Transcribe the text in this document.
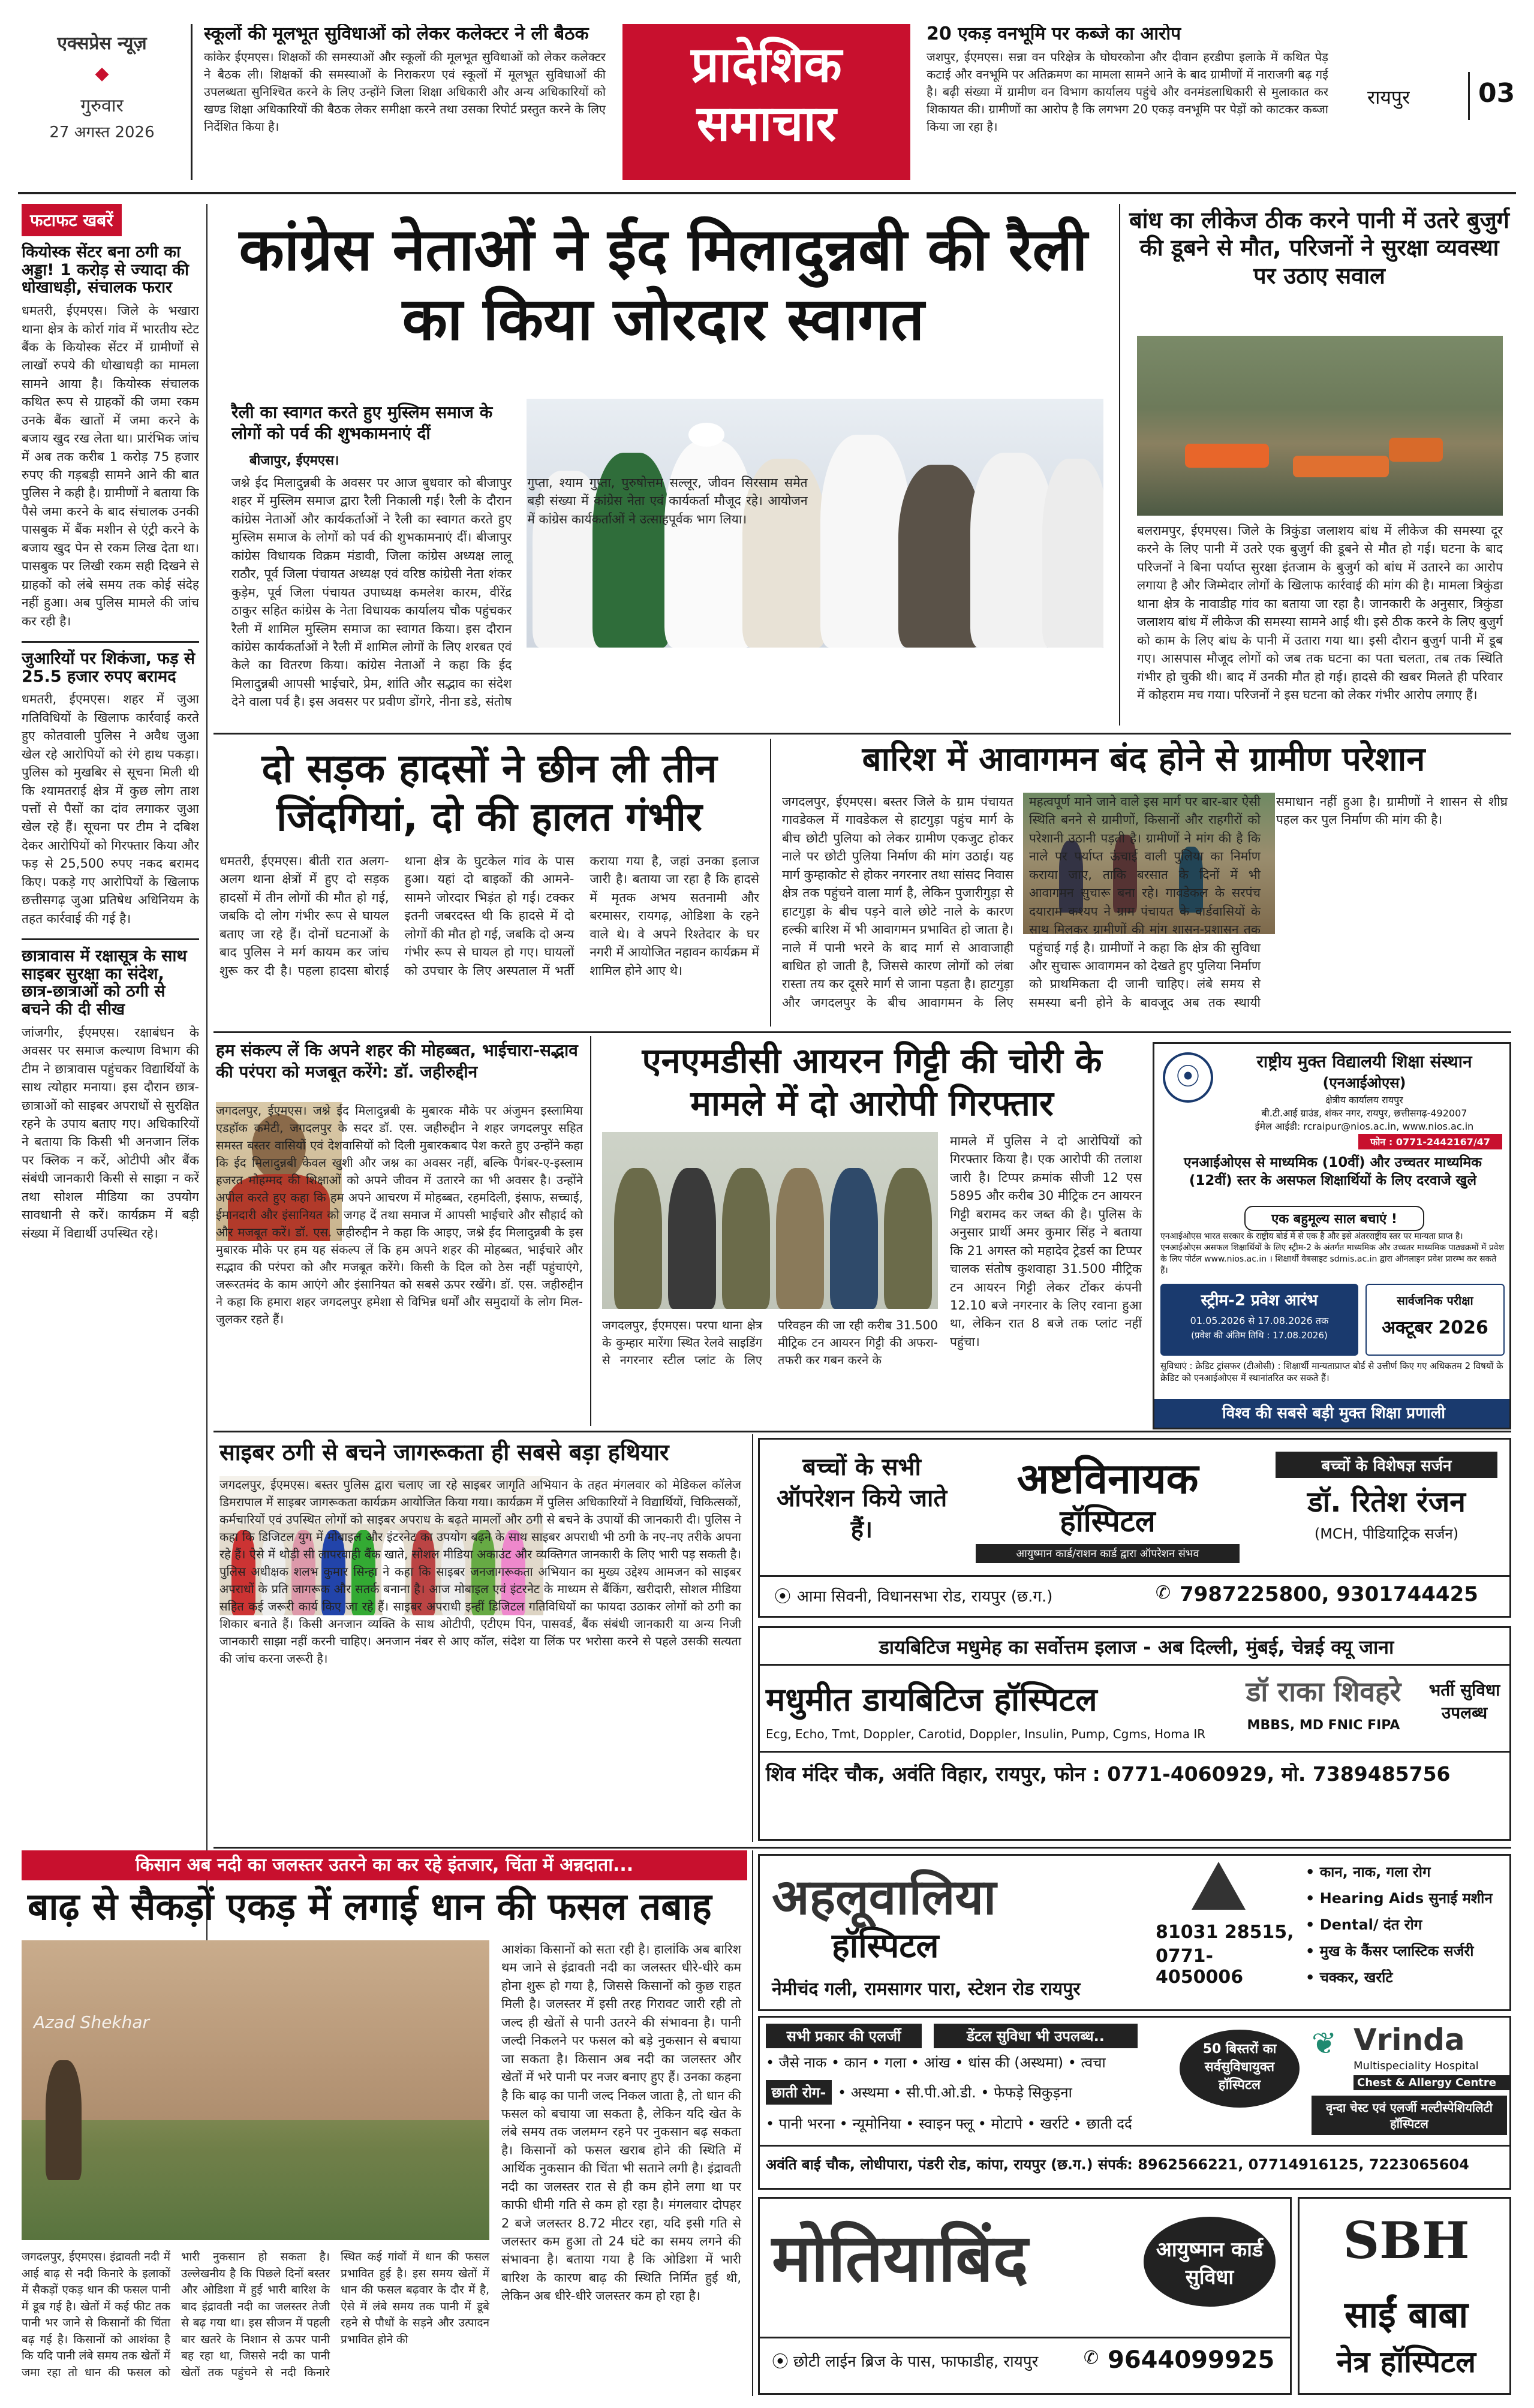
एक्सप्रेस न्यूज़
◆
गुरुवार
27 अगस्त 2026
स्कूलों की मूलभूत सुविधाओं को लेकर कलेक्टर ने ली बैठक
कांकेर ईएमएस। शिक्षकों की समस्याओं और स्कूलों की मूलभूत सुविधाओं को लेकर कलेक्टर ने बैठक ली। शिक्षकों की समस्याओं के निराकरण एवं स्कूलों में मूलभूत सुविधाओं की उपलब्धता सुनिश्चित करने के लिए उन्होंने जिला शिक्षा अधिकारी और अन्य अधिकारियों को खण्ड शिक्षा अधिकारियों की बैठक लेकर समीक्षा करने तथा उसका रिपोर्ट प्रस्तुत करने के लिए निर्देशित किया है।
प्रादेशिक
समाचार
20 एकड़ वनभूमि पर कब्जे का आरोप
जशपुर, ईएमएस। सन्ना वन परिक्षेत्र के घोघरकोना और दीवान हरडीपा इलाके में कथित पेड़ कटाई और वनभूमि पर अतिक्रमण का मामला सामने आने के बाद ग्रामीणों में नाराजगी बढ़ गई है। बढ़ी संख्या में ग्रामीण वन विभाग कार्यालय पहुंचे और वनमंडलाधिकारी से मुलाकात कर शिकायत की। ग्रामीणों का आरोप है कि लगभग 20 एकड़ वनभूमि पर पेड़ों को काटकर कब्जा किया जा रहा है।
रायपुर	03
फटाफट खबरें
कियोस्क सेंटर बना ठगी का अड्डा! 1 करोड़ से ज्यादा की धोखाधड़ी, संचालक फरार
धमतरी, ईएमएस। जिले के भखारा थाना क्षेत्र के कोर्रा गांव में भारतीय स्टेट बैंक के कियोस्क सेंटर में ग्रामीणों से लाखों रुपये की धोखाधड़ी का मामला सामने आया है। कियोस्क संचालक कथित रूप से ग्राहकों की जमा रकम उनके बैंक खातों में जमा करने के बजाय खुद रख लेता था। प्रारंभिक जांच में अब तक करीब 1 करोड़ 75 हजार रुपए की गड़बड़ी सामने आने की बात पुलिस ने कही है। ग्रामीणों ने बताया कि पैसे जमा करने के बाद संचालक उनकी पासबुक में बैंक मशीन से एंट्री करने के बजाय खुद पेन से रकम लिख देता था। पासबुक पर लिखी रकम सही दिखने से ग्राहकों को लंबे समय तक कोई संदेह नहीं हुआ। अब पुलिस मामले की जांच कर रही है।
जुआरियों पर शिकंजा, फड़ से 25.5 हजार रुपए बरामद
धमतरी, ईएमएस। शहर में जुआ गतिविधियों के खिलाफ कार्रवाई करते हुए कोतवाली पुलिस ने अवैध जुआ खेल रहे आरोपियों को रंगे हाथ पकड़ा। पुलिस को मुखबिर से सूचना मिली थी कि श्यामतराई क्षेत्र में कुछ लोग ताश पत्तों से पैसों का दांव लगाकर जुआ खेल रहे हैं। सूचना पर टीम ने दबिश देकर आरोपियों को गिरफ्तार किया और फड़ से 25,500 रुपए नकद बरामद किए। पकड़े गए आरोपियों के खिलाफ छत्तीसगढ़ जुआ प्रतिषेध अधिनियम के तहत कार्रवाई की गई है।
छात्रावास में रक्षासूत्र के साथ साइबर सुरक्षा का संदेश, छात्र-छात्राओं को ठगी से बचने की दी सीख
जांजगीर, ईएमएस। रक्षाबंधन के अवसर पर समाज कल्याण विभाग की टीम ने छात्रावास पहुंचकर विद्यार्थियों के साथ त्योहार मनाया। इस दौरान छात्र-छात्राओं को साइबर अपराधों से सुरक्षित रहने के उपाय बताए गए। अधिकारियों ने बताया कि किसी भी अनजान लिंक पर क्लिक न करें, ओटीपी और बैंक संबंधी जानकारी किसी से साझा न करें तथा सोशल मीडिया का उपयोग सावधानी से करें। कार्यक्रम में बड़ी संख्या में विद्यार्थी उपस्थित रहे।
कांग्रेस नेताओं ने ईद मिलादुन्नबी की रैली का किया जोरदार स्वागत
रैली का स्वागत करते हुए मुस्लिम समाज के लोगों को पर्व की शुभकामनाएं दीं
बीजापुर, ईएमएस।
जश्ने ईद मिलादुन्नबी के अवसर पर आज बुधवार को बीजापुर शहर में मुस्लिम समाज द्वारा रैली निकाली गई। रैली के दौरान कांग्रेस नेताओं और कार्यकर्ताओं ने रैली का स्वागत करते हुए मुस्लिम समाज के लोगों को पर्व की शुभकामनाएं दीं। बीजापुर कांग्रेस विधायक विक्रम मंडावी, जिला कांग्रेस अध्यक्ष लालू राठौर, पूर्व जिला पंचायत अध्यक्ष एवं वरिष्ठ कांग्रेसी नेता शंकर कुड़ेम, पूर्व जिला पंचायत उपाध्यक्ष कमलेश कारम, वीरेंद्र ठाकुर सहित कांग्रेस के नेता विधायक कार्यालय चौक पहुंचकर रैली में शामिल मुस्लिम समाज का स्वागत किया। इस दौरान कांग्रेस कार्यकर्ताओं ने रैली में शामिल लोगों के लिए शरबत एवं केले का वितरण किया। कांग्रेस नेताओं ने कहा कि ईद मिलादुन्नबी आपसी भाईचारे, प्रेम, शांति और सद्भाव का संदेश देने वाला पर्व है। इस अवसर पर प्रवीण डोंगरे, नीना डडे, संतोष गुप्ता, श्याम गुप्ता, पुरुषोत्तम सल्लूर, जीवन सिरसाम समेत बड़ी संख्या में कांग्रेस नेता एवं कार्यकर्ता मौजूद रहे। आयोजन में कांग्रेस कार्यकर्ताओं ने उत्साहपूर्वक भाग लिया।
बांध का लीकेज ठीक करने पानी में उतरे बुजुर्ग की डूबने से मौत, परिजनों ने सुरक्षा व्यवस्था पर उठाए सवाल
बलरामपुर, ईएमएस। जिले के त्रिकुंडा जलाशय बांध में लीकेज की समस्या दूर करने के लिए पानी में उतरे एक बुजुर्ग की डूबने से मौत हो गई। घटना के बाद परिजनों ने बिना पर्याप्त सुरक्षा इंतजाम के बुजुर्ग को बांध में उतारने का आरोप लगाया है और जिम्मेदार लोगों के खिलाफ कार्रवाई की मांग की है। मामला त्रिकुंडा थाना क्षेत्र के नावाडीह गांव का बताया जा रहा है। जानकारी के अनुसार, त्रिकुंडा जलाशय बांध में लीकेज की समस्या सामने आई थी। इसे ठीक करने के लिए बुजुर्ग को काम के लिए बांध के पानी में उतारा गया था। इसी दौरान बुजुर्ग पानी में डूब गए। आसपास मौजूद लोगों को जब तक घटना का पता चलता, तब तक स्थिति गंभीर हो चुकी थी। बाद में उनकी मौत हो गई। हादसे की खबर मिलते ही परिवार में कोहराम मच गया। परिजनों ने इस घटना को लेकर गंभीर आरोप लगाए हैं।
दो सड़क हादसों ने छीन ली तीन जिंदगियां, दो की हालत गंभीर
धमतरी, ईएमएस। बीती रात अलग-अलग थाना क्षेत्रों में हुए दो सड़क हादसों में तीन लोगों की मौत हो गई, जबकि दो लोग गंभीर रूप से घायल बताए जा रहे हैं। दोनों घटनाओं के बाद पुलिस ने मर्ग कायम कर जांच शुरू कर दी है। पहला हादसा बोराई थाना क्षेत्र के घुटकेल गांव के पास हुआ। यहां दो बाइकों की आमने-सामने जोरदार भिड़ंत हो गई। टक्कर इतनी जबरदस्त थी कि हादसे में दो लोगों की मौत हो गई, जबकि दो अन्य गंभीर रूप से घायल हो गए। घायलों को उपचार के लिए अस्पताल में भर्ती कराया गया है, जहां उनका इलाज जारी है। बताया जा रहा है कि हादसे में मृतक अभय सतनामी और बरमासर, रायगढ़, ओडिशा के रहने वाले थे। वे अपने रिश्तेदार के घर नगरी में आयोजित नहावन कार्यक्रम में शामिल होने आए थे।
बारिश में आवागमन बंद होने से ग्रामीण परेशान
जगदलपुर, ईएमएस। बस्तर जिले के ग्राम पंचायत गावडेकल में गावडेकल से हाटगुड़ा पहुंच मार्ग के बीच छोटी पुलिया को लेकर ग्रामीण एकजुट होकर नाले पर छोटी पुलिया निर्माण की मांग उठाई। यह मार्ग कुम्हाकोट से होकर नगरनार तथा सांसद निवास क्षेत्र तक पहुंचने वाला मार्ग है, लेकिन पुजारीगुड़ा से हाटगुड़ा के बीच पड़ने वाले छोटे नाले के कारण हल्की बारिश में भी आवागमन प्रभावित हो जाता है। नाले में पानी भरने के बाद मार्ग से आवाजाही बाधित हो जाती है, जिससे कारण लोगों को लंबा रास्ता तय कर दूसरे मार्ग से जाना पड़ता है। हाटगुड़ा और जगदलपुर के बीच आवागमन के लिए महत्वपूर्ण माने जाने वाले इस मार्ग पर बार-बार ऐसी स्थिति बनने से ग्रामीणों, किसानों और राहगीरों को परेशानी उठानी पड़ती है। ग्रामीणों ने मांग की है कि नाले पर पर्याप्त ऊंचाई वाली पुलिया का निर्माण कराया जाए, ताकि बरसात के दिनों में भी आवागमन सुचारू बना रहे। गावडेकल के सरपंच दयाराम कश्यप ने ग्राम पंचायत के वार्डवासियों के साथ मिलकर ग्रामीणों की मांग शासन-प्रशासन तक पहुंचाई गई है। ग्रामीणों ने कहा कि क्षेत्र की सुविधा और सुचारू आवागमन को देखते हुए पुलिया निर्माण को प्राथमिकता दी जानी चाहिए। लंबे समय से समस्या बनी होने के बावजूद अब तक स्थायी समाधान नहीं हुआ है। ग्रामीणों ने शासन से शीघ्र पहल कर पुल निर्माण की मांग की है।
हम संकल्प लें कि अपने शहर की मोहब्बत, भाईचारा-सद्भाव की परंपरा को मजबूत करेंगे: डॉ. जहीरुद्दीन
जगदलपुर, ईएमएस। जश्ने ईद मिलादुन्नबी के मुबारक मौके पर अंजुमन इस्लामिया एडहॉक कमेटी, जगदलपुर के सदर डॉ. एस. जहीरुद्दीन ने शहर जगदलपुर सहित समस्त बस्तर वासियों एवं देशवासियों को दिली मुबारकबाद पेश करते हुए उन्होंने कहा कि ईद मिलादुन्नबी केवल खुशी और जश्न का अवसर नहीं, बल्कि पैगंबर-ए-इस्लाम हजरत मोहम्मद की शिक्षाओं को अपने जीवन में उतारने का भी अवसर है। उन्होंने अपील करते हुए कहा कि हम अपने आचरण में मोहब्बत, रहमदिली, इंसाफ, सच्चाई, ईमानदारी और इंसानियत को जगह दें तथा समाज में आपसी भाईचारे और सौहार्द को और मजबूत करें। डॉ. एस. जहीरुद्दीन ने कहा कि आइए, जश्ने ईद मिलादुन्नबी के इस मुबारक मौके पर हम यह संकल्प लें कि हम अपने शहर की मोहब्बत, भाईचारे और सद्भाव की परंपरा को और मजबूत करेंगे। किसी के दिल को ठेस नहीं पहुंचाएंगे, जरूरतमंद के काम आएंगे और इंसानियत को सबसे ऊपर रखेंगे। डॉ. एस. जहीरुद्दीन ने कहा कि हमारा शहर जगदलपुर हमेशा से विभिन्न धर्मों और समुदायों के लोग मिल-जुलकर रहते हैं।
एनएमडीसी आयरन गिट्टी की चोरी के मामले में दो आरोपी गिरफ्तार
जगदलपुर, ईएमएस। परपा थाना क्षेत्र के कुम्हार मारेंगा स्थित रेलवे साइडिंग से नगरनार स्टील प्लांट के लिए परिवहन की जा रही करीब 31.500 मीट्रिक टन आयरन गिट्टी की अफरा-तफरी कर गबन करने के
मामले में पुलिस ने दो आरोपियों को गिरफ्तार किया है। एक आरोपी की तलाश जारी है। टिप्पर क्रमांक सीजी 12 एस 5895 और करीब 30 मीट्रिक टन आयरन गिट्टी बरामद कर जब्त की है। पुलिस के अनुसार प्रार्थी अमर कुमार सिंह ने बताया कि 21 अगस्त को महादेव ट्रेडर्स का टिप्पर चालक संतोष कुशवाहा 31.500 मीट्रिक टन आयरन गिट्टी लेकर टोंकर कंपनी 12.10 बजे नगरनार के लिए रवाना हुआ था, लेकिन रात 8 बजे तक प्लांट नहीं पहुंचा।
⦿
राष्ट्रीय मुक्त विद्यालयी शिक्षा संस्थान
(एनआईओएस)
क्षेत्रीय कार्यालय रायपुर
बी.टी.आई ग्राउंड, शंकर नगर, रायपुर, छत्तीसगढ़-492007
ईमेल आईडी: rcraipur@nios.ac.in, www.nios.ac.in
फोन : 0771-2442167/47
एनआईओएस से माध्यमिक (10वीं) और उच्चतर माध्यमिक (12वीं) स्तर के असफल शिक्षार्थियों के लिए दरवाजे खुले
एक बहुमूल्य साल बचाएं !
एनआईओएस भारत सरकार के राष्ट्रीय बोर्ड में से एक है और इसे अंतरराष्ट्रीय स्तर पर मान्यता प्राप्त है। एनआईओएस असफल शिक्षार्थियों के लिए स्ट्रीम-2 के अंतर्गत माध्यमिक और उच्चतर माध्यमिक पाठ्यक्रमों में प्रवेश के लिए पोर्टल www.nios.ac.in । शिक्षार्थी वेबसाइट sdmis.ac.in द्वारा ऑनलाइन प्रवेश प्रारम्भ कर सकते हैं।
स्ट्रीम-2 प्रवेश आरंभ
01.05.2026 से 17.08.2026 तक
(प्रवेश की अंतिम तिथि : 17.08.2026)
सार्वजनिक परीक्षा
अक्टूबर 2026
सुविधाएं : क्रेडिट ट्रांसफर (टीओसी) : शिक्षार्थी मान्यताप्राप्त बोर्ड से उत्तीर्ण किए गए अधिकतम 2 विषयों के क्रेडिट को एनआईओएस में स्थानांतरित कर सकते हैं।
विश्व की सबसे बड़ी मुक्त शिक्षा प्रणाली
साइबर ठगी से बचने जागरूकता ही सबसे बड़ा हथियार
जगदलपुर, ईएमएस। बस्तर पुलिस द्वारा चलाए जा रहे साइबर जागृति अभियान के तहत मंगलवार को मेडिकल कॉलेज डिमरापाल में साइबर जागरूकता कार्यक्रम आयोजित किया गया। कार्यक्रम में पुलिस अधिकारियों ने विद्यार्थियों, चिकित्सकों, कर्मचारियों एवं उपस्थित लोगों को साइबर अपराध के बढ़ते मामलों और ठगी से बचने के उपायों की जानकारी दी। पुलिस ने कहा कि डिजिटल युग में मोबाइल और इंटरनेट का उपयोग बढ़ने के साथ साइबर अपराधी भी ठगी के नए-नए तरीके अपना रहे हैं। ऐसे में थोड़ी सी लापरवाही बैंक खाते, सोशल मीडिया अकाउंट और व्यक्तिगत जानकारी के लिए भारी पड़ सकती है। पुलिस अधीक्षक शलभ कुमार सिन्हा ने कहा कि साइबर जनजागरूकता अभियान का मुख्य उद्देश्य आमजन को साइबर अपराधों के प्रति जागरूक और सतर्क बनाना है। आज मोबाइल एवं इंटरनेट के माध्यम से बैंकिंग, खरीदारी, सोशल मीडिया सहित कई जरूरी कार्य किए जा रहे हैं। साइबर अपराधी इन्हीं डिजिटल गतिविधियों का फायदा उठाकर लोगों को ठगी का शिकार बनाते हैं। किसी अनजान व्यक्ति के साथ ओटीपी, एटीएम पिन, पासवर्ड, बैंक संबंधी जानकारी या अन्य निजी जानकारी साझा नहीं करनी चाहिए। अनजान नंबर से आए कॉल, संदेश या लिंक पर भरोसा करने से पहले उसकी सत्यता की जांच करना जरूरी है।
बच्चों के सभी ऑपरेशन किये जाते हैं।
अष्टविनायक
हॉस्पिटल
आयुष्मान कार्ड/राशन कार्ड द्वारा ऑपरेशन संभव
बच्चों के विशेषज्ञ सर्जन
डॉ. रितेश रंजन
(MCH, पीडियाट्रिक सर्जन)
⦿ आमा सिवनी, विधानसभा रोड, रायपुर (छ.ग.)	✆ 7987225800, 9301744425
डायबिटिज मधुमेह का सर्वोत्तम इलाज - अब दिल्ली, मुंबई, चेन्नई क्यू जाना
मधुमीत डायबिटिज हॉस्पिटल
Ecg, Echo, Tmt, Doppler, Carotid, Doppler, Insulin, Pump, Cgms, Homa IR
डॉ राका शिवहरे
MBBS, MD FNIC FIPA
भर्ती सुविधा उपलब्ध
शिव मंदिर चौक, अवंति विहार, रायपुर, फोन : 0771-4060929, मो. 7389485756
किसान अब नदी का जलस्तर उतरने का कर रहे इंतजार, चिंता में अन्नदाता...
बाढ़ से सैकड़ों एकड़ में लगाई धान की फसल तबाह
Azad Shekhar
आशंका किसानों को सता रही है। हालांकि अब बारिश थम जाने से इंद्रावती नदी का जलस्तर धीरे-धीरे कम होना शुरू हो गया है, जिससे किसानों को कुछ राहत मिली है। जलस्तर में इसी तरह गिरावट जारी रही तो जल्द ही खेतों से पानी उतरने की संभावना है। पानी जल्दी निकलने पर फसल को बड़े नुकसान से बचाया जा सकता है। किसान अब नदी का जलस्तर और खेतों में भरे पानी पर नजर बनाए हुए हैं। उनका कहना है कि बाढ़ का पानी जल्द निकल जाता है, तो धान की फसल को बचाया जा सकता है, लेकिन यदि खेत के लंबे समय तक जलमग्न रहने पर नुकसान बढ़ सकता है। किसानों को फसल खराब होने की स्थिति में आर्थिक नुकसान की चिंता भी सताने लगी है। इंद्रावती नदी का जलस्तर रात से ही कम होने लगा था पर काफी धीमी गति से कम हो रहा है। मंगलवार दोपहर 2 बजे जलस्तर 8.72 मीटर रहा, यदि इसी गति से जलस्तर कम हुआ तो 24 घंटे का समय लगने की संभावना है। बताया गया है कि ओडिशा में भारी बारिश के कारण बाढ़ की स्थिति निर्मित हुई थी, लेकिन अब धीरे-धीरे जलस्तर कम हो रहा है।
जगदलपुर, ईएमएस। इंद्रावती नदी में आई बाढ़ से नदी किनारे के इलाकों में सैकड़ों एकड़ धान की फसल पानी में डूब गई है। खेतों में कई फीट तक पानी भर जाने से किसानों की चिंता बढ़ गई है। किसानों को आशंका है कि यदि पानी लंबे समय तक खेतों में जमा रहा तो धान की फसल को भारी नुकसान हो सकता है। उल्लेखनीय है कि पिछले दिनों बस्तर और ओडिशा में हुई भारी बारिश के बाद इंद्रावती नदी का जलस्तर तेजी से बढ़ गया था। इस सीजन में पहली बार खतरे के निशान से ऊपर पानी बह रहा था, जिससे नदी का पानी खेतों तक पहुंचने से नदी किनारे स्थित कई गांवों में धान की फसल प्रभावित हुई है। इस समय खेतों में धान की फसल बढ़वार के दौर में है, ऐसे में लंबे समय तक पानी में डूबे रहने से पौधों के सड़ने और उत्पादन प्रभावित होने की
अहलूवालिया
हॉस्पिटल	81031 28515,
0771-4050006
• कान, नाक, गला रोग
• Hearing Aids सुनाई मशीन
• Dental/ दंत रोग
• मुख के कैंसर प्लास्टिक सर्जरी
• चक्कर, खर्राटे
नेमीचंद गली, रामसागर पारा, स्टेशन रोड रायपुर
सभी प्रकार की एलर्जी	डेंटल सुविधा भी उपलब्ध..
• जैसे नाक • कान • गला • आंख • धांस की (अस्थमा) • त्वचा
छाती रोग- • अस्थमा • सी.पी.ओ.डी. • फेफड़े सिकुड़ना
• पानी भरना • न्यूमोनिया • स्वाइन फ्लू • मोटापे • खर्राटे • छाती दर्द
50 बिस्तरों का सर्वसुविधायुक्त हॉस्पिटल
❦ Vrinda
Multispeciality Hospital
Chest & Allergy Centre
वृन्दा चेस्ट एवं एलर्जी मल्टीस्पेशियलिटी हॉस्पिटल
अवंति बाई चौक, लोधीपारा, पंडरी रोड, कांपा, रायपुर (छ.ग.) संपर्क: 8962566221, 07714916125, 7223065604
मोतियाबिंद	आयुष्मान कार्ड सुविधा
⦿ छोटी लाईन ब्रिज के पास, फाफाडीह, रायपुर	✆ 9644099925
SBH
साईं बाबा
नेत्र हॉस्पिटल
